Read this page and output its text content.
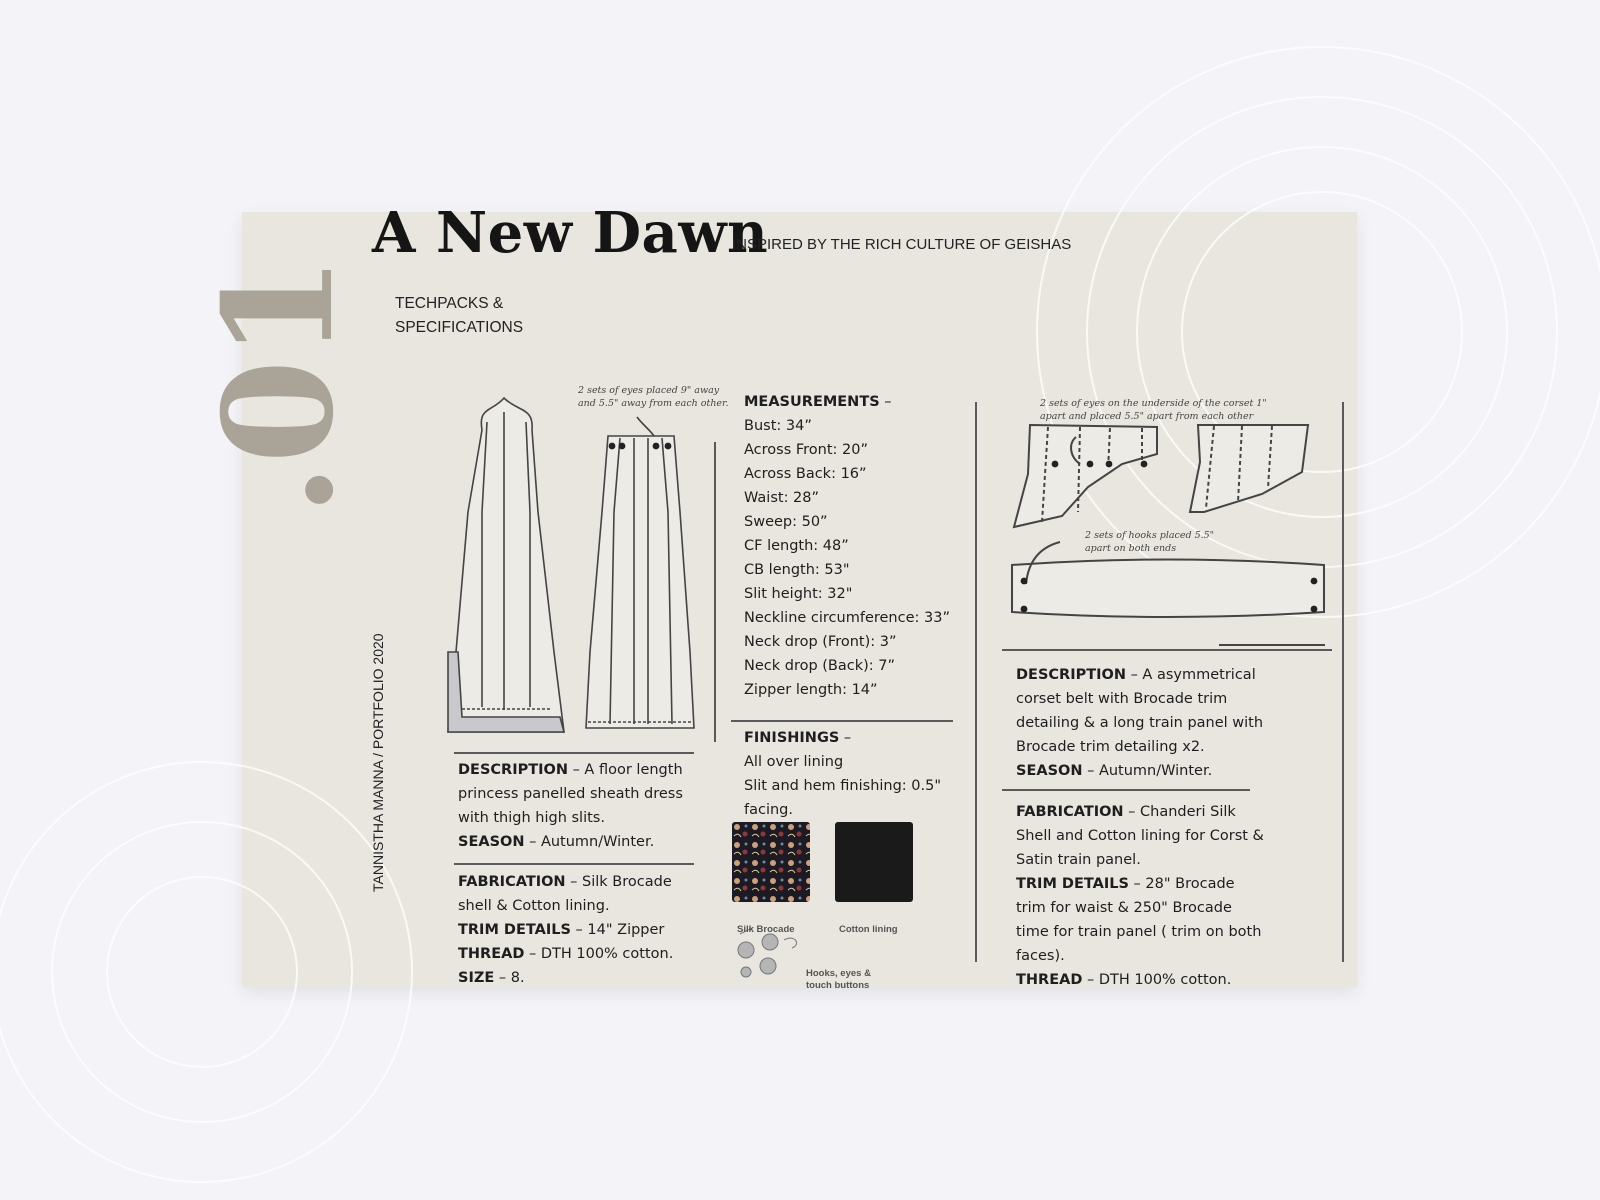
A New Dawn
INSPIRED BY THE RICH CULTURE OF GEISHAS
.01 TECHPACKS &
SPECIFICATIONS
TANNISTHA MANNA / PORTFOLIO 2020
2 sets of eyes placed 9" away and 5.5" away from each other.	2 sets of eyes on the underside of the corset 1" apart and placed 5.5" apart from each other
2 sets of hooks placed 5.5" apart on both ends
DESCRIPTION – A floor length princess panelled sheath dress with thigh high slits.
SEASON – Autumn/Winter.
FABRICATION – Silk Brocade shell & Cotton lining.
TRIM DETAILS – 14" Zipper
THREAD – DTH 100% cotton.
SIZE – 8.
MEASUREMENTS –
Bust: 34”
Across Front: 20”
Across Back: 16”
Waist: 28”
Sweep: 50”
CF length: 48”
CB length: 53"
Slit height: 32"
Neckline circumference: 33”
Neck drop (Front): 3”
Neck drop (Back): 7”
Zipper length: 14”
FINISHINGS –
All over lining
Slit and hem finishing: 0.5"
facing.
Silk Brocade	Cotton lining
Hooks, eyes &
touch buttons
DESCRIPTION – A asymmetrical corset belt with Brocade trim detailing & a long train panel with Brocade trim detailing x2.
SEASON – Autumn/Winter.
FABRICATION – Chanderi Silk Shell and Cotton lining for Corst & Satin train panel.
TRIM DETAILS – 28" Brocade trim for waist & 250" Brocade time for train panel ( trim on both faces).
THREAD – DTH 100% cotton.
